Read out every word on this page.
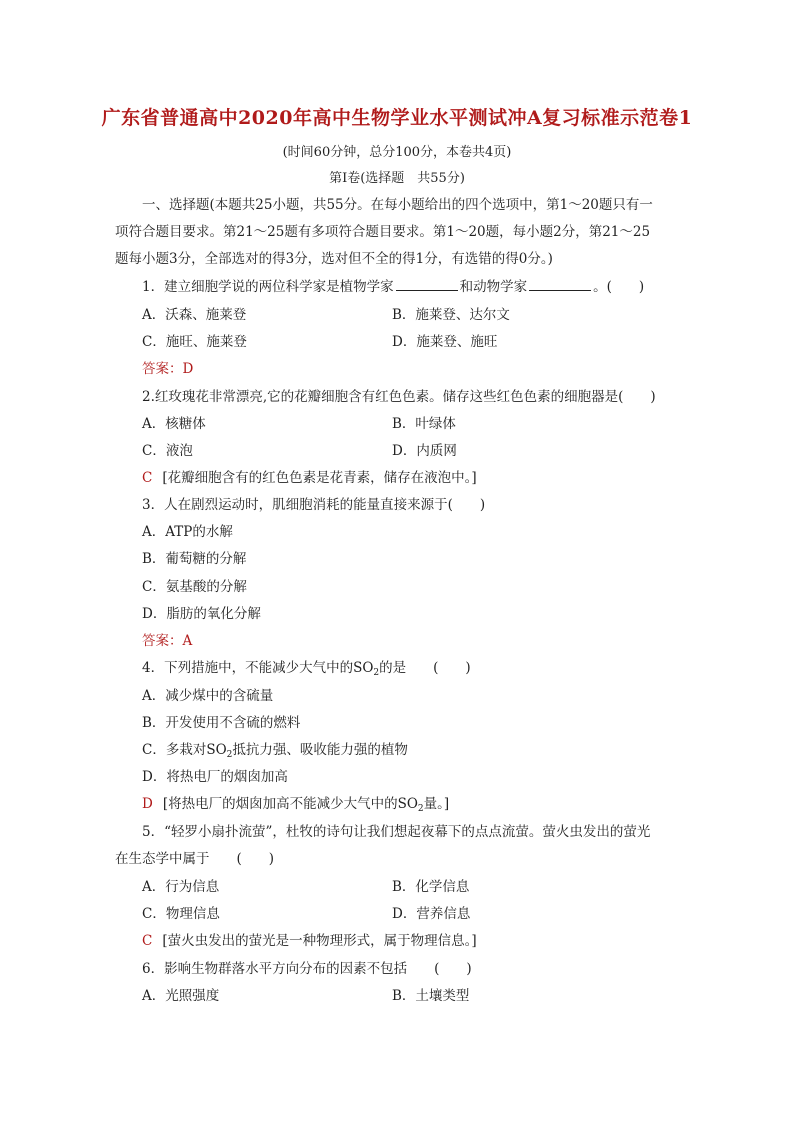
广东省普通高中2020年高中生物学业水平测试冲A复习标准示范卷1
(时间60分钟，总分100分，本卷共4页)
第Ⅰ卷(选择题　共55分)
一、选择题(本题共25小题，共55分。在每小题给出的四个选项中，第1～20题只有一
项符合题目要求。第21～25题有多项符合题目要求。第1～20题，每小题2分，第21～25
题每小题3分，全部选对的得3分，选对但不全的得1分，有选错的得0分。)
1．建立细胞学说的两位科学家是植物学家	和动物学家	。(　　)
A．沃森、施莱登	B．施莱登、达尔文
C．施旺、施莱登	D．施莱登、施旺
答案：D
2.红玫瑰花非常漂亮,它的花瓣细胞含有红色色素。储存这些红色色素的细胞器是(　　)
A．核糖体	B．叶绿体
C．液泡	D．内质网
C [花瓣细胞含有的红色色素是花青素，储存在液泡中。]
3．人在剧烈运动时，肌细胞消耗的能量直接来源于(　　)
A．ATP的水解
B．葡萄糖的分解
C．氨基酸的分解
D．脂肪的氧化分解
答案：A
4．下列措施中，不能减少大气中的$SO_2$的是　　(　　)
A．减少煤中的含硫量
B．开发使用不含硫的燃料
C．多栽对$SO_2$抵抗力强、吸收能力强的植物
D．将热电厂的烟囱加高
D [将热电厂的烟囱加高不能减少大气中的$SO_2$量。]
5．“轻罗小扇扑流萤”，杜牧的诗句让我们想起夜幕下的点点流萤。萤火虫发出的萤光
在生态学中属于　　(　　)
A．行为信息	B．化学信息
C．物理信息	D．营养信息
C [萤火虫发出的萤光是一种物理形式，属于物理信息。]
6．影响生物群落水平方向分布的因素不包括　　(　　)
A．光照强度	B．土壤类型
